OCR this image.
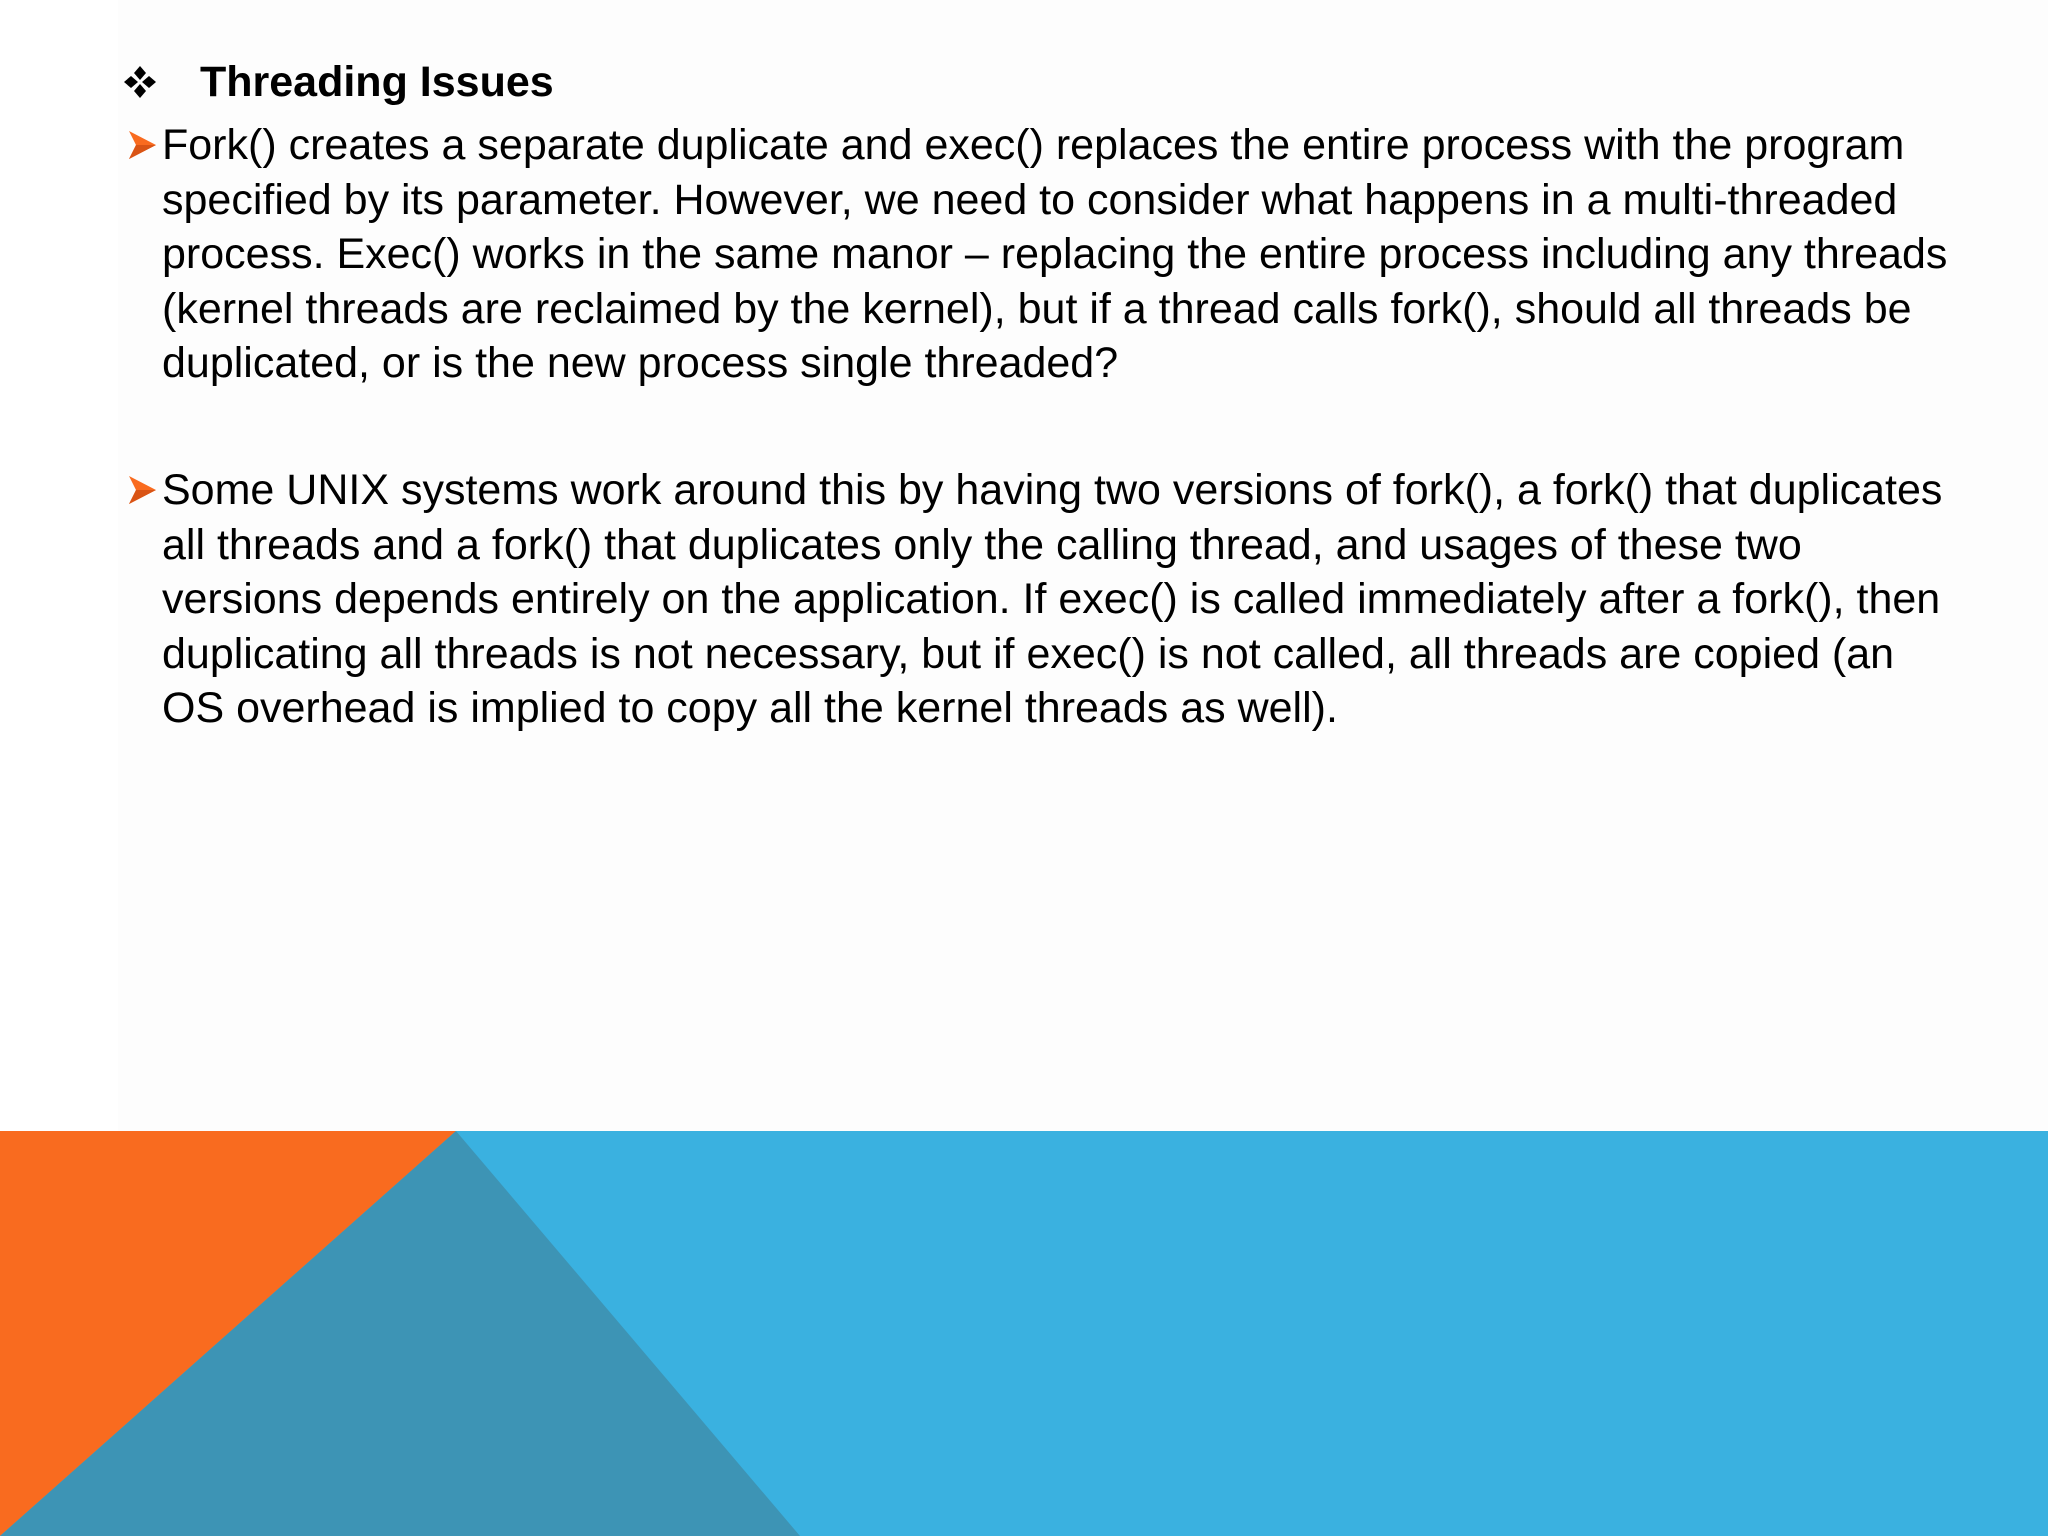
Threading Issues
Fork() creates a separate duplicate and exec() replaces the entire process with the program specified by its parameter. However, we need to consider what happens in a multi-threaded process. Exec() works in the same manor – replacing the entire process including any threads (kernel threads are reclaimed by the kernel), but if a thread calls fork(), should all threads be duplicated, or is the new process single threaded?
Some UNIX systems work around this by having two versions of fork(), a fork() that duplicates all threads and a fork() that duplicates only the calling thread, and usages of these two versions depends entirely on the application. If exec() is called immediately after a fork(), then duplicating all threads is not necessary, but if exec() is not called, all threads are copied (an OS overhead is implied to copy all the kernel threads as well).
